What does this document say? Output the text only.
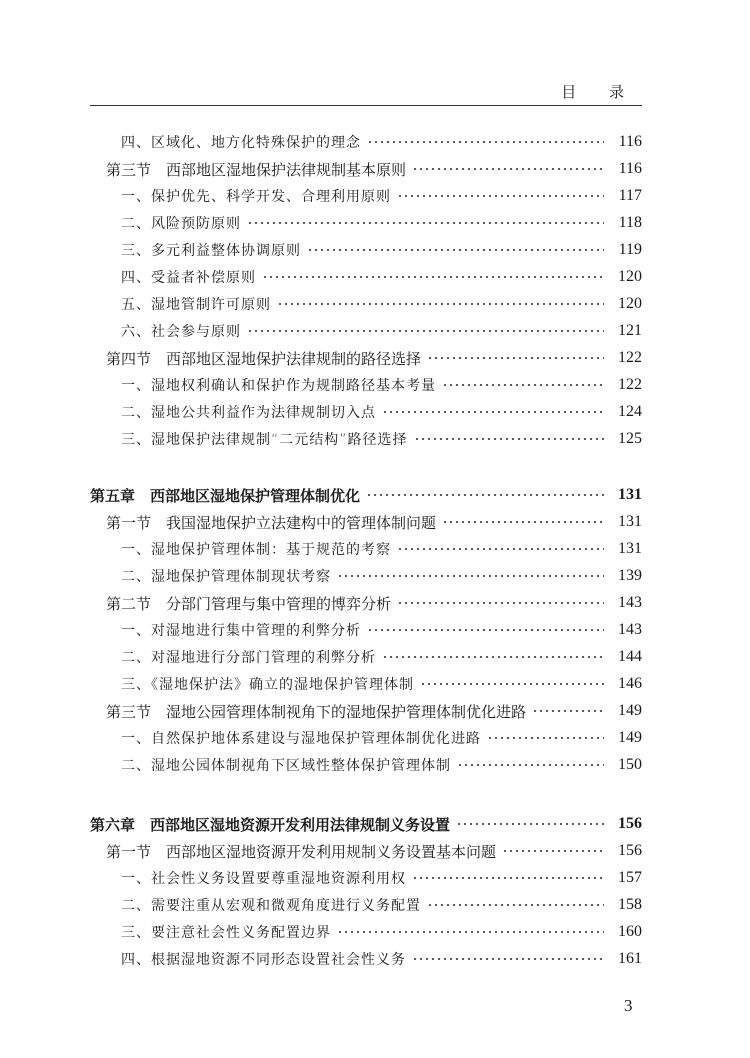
目 录
四、区域化、地方化特殊保护的理念	116
第三节　西部地区湿地保护法律规制基本原则	116
一、保护优先、科学开发、合理利用原则	117
二、风险预防原则	118
三、多元利益整体协调原则	119
四、受益者补偿原则	120
五、湿地管制许可原则	120
六、社会参与原则	121
第四节　西部地区湿地保护法律规制的路径选择	122
一、湿地权利确认和保护作为规制路径基本考量	122
二、湿地公共利益作为法律规制切入点	124
三、湿地保护法律规制“二元结构”路径选择	125
第五章　西部地区湿地保护管理体制优化	131
第一节　我国湿地保护立法建构中的管理体制问题	131
一、湿地保护管理体制：基于规范的考察	131
二、湿地保护管理体制现状考察	139
第二节　分部门管理与集中管理的博弈分析	143
一、对湿地进行集中管理的利弊分析	143
二、对湿地进行分部门管理的利弊分析	144
三、《湿地保护法》确立的湿地保护管理体制	146
第三节　湿地公园管理体制视角下的湿地保护管理体制优化进路	149
一、自然保护地体系建设与湿地保护管理体制优化进路	149
二、湿地公园体制视角下区域性整体保护管理体制	150
第六章　西部地区湿地资源开发利用法律规制义务设置	156
第一节　西部地区湿地资源开发利用规制义务设置基本问题	156
一、社会性义务设置要尊重湿地资源利用权	157
二、需要注重从宏观和微观角度进行义务配置	158
三、要注意社会性义务配置边界	160
四、根据湿地资源不同形态设置社会性义务	161
3
